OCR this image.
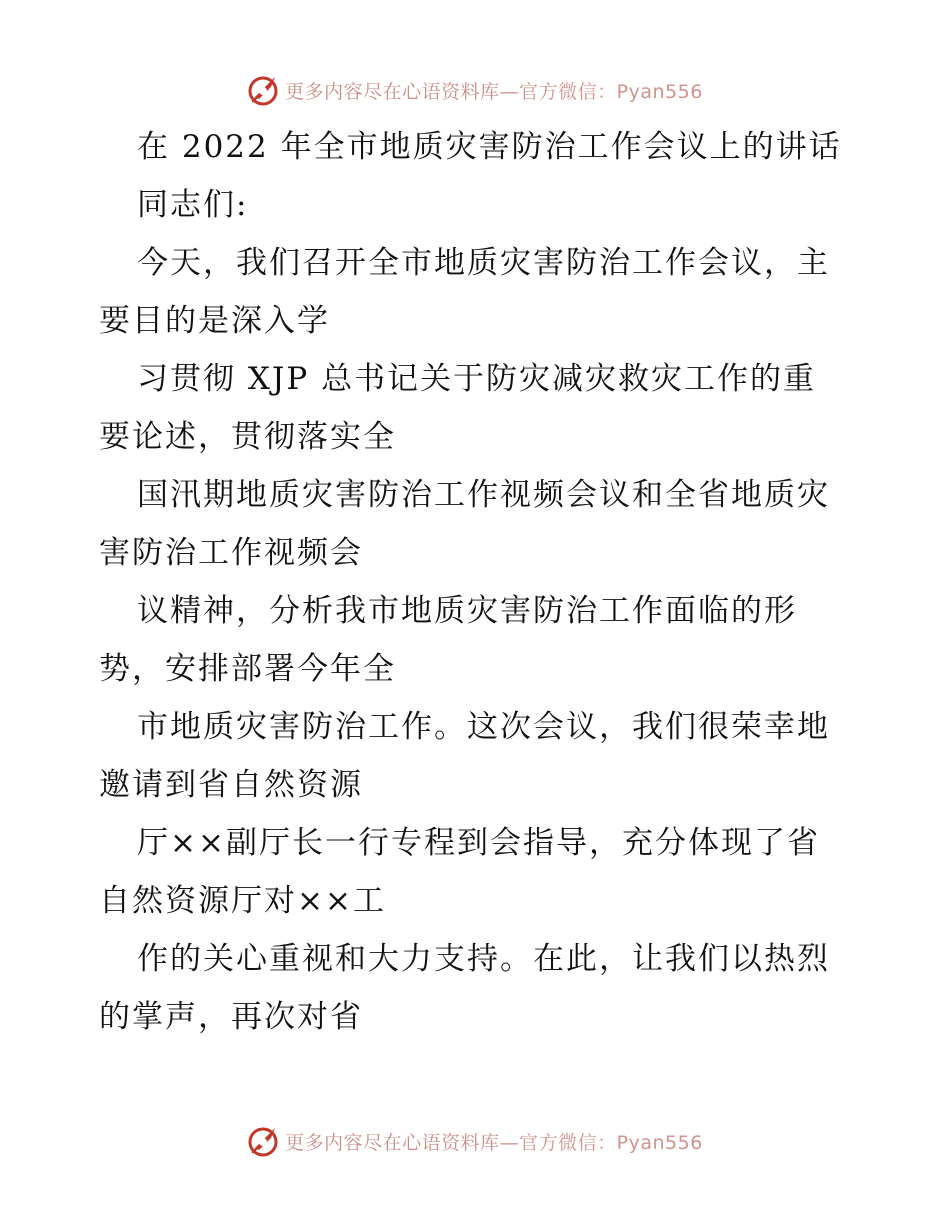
更多内容尽在心语资料库—官方微信：Pyan556
在 2022 年全市地质灾害防治工作会议上的讲话
同志们:
今天，我们召开全市地质灾害防治工作会议，主
要目的是深入学
习贯彻 XJP 总书记关于防灾减灾救灾工作的重
要论述，贯彻落实全
国汛期地质灾害防治工作视频会议和全省地质灾
害防治工作视频会
议精神，分析我市地质灾害防治工作面临的形
势，安排部署今年全
市地质灾害防治工作。这次会议，我们很荣幸地
邀请到省自然资源
厅××副厅长一行专程到会指导，充分体现了省
自然资源厅对××工
作的关心重视和大力支持。在此，让我们以热烈
的掌声，再次对省
更多内容尽在心语资料库—官方微信：Pyan556
